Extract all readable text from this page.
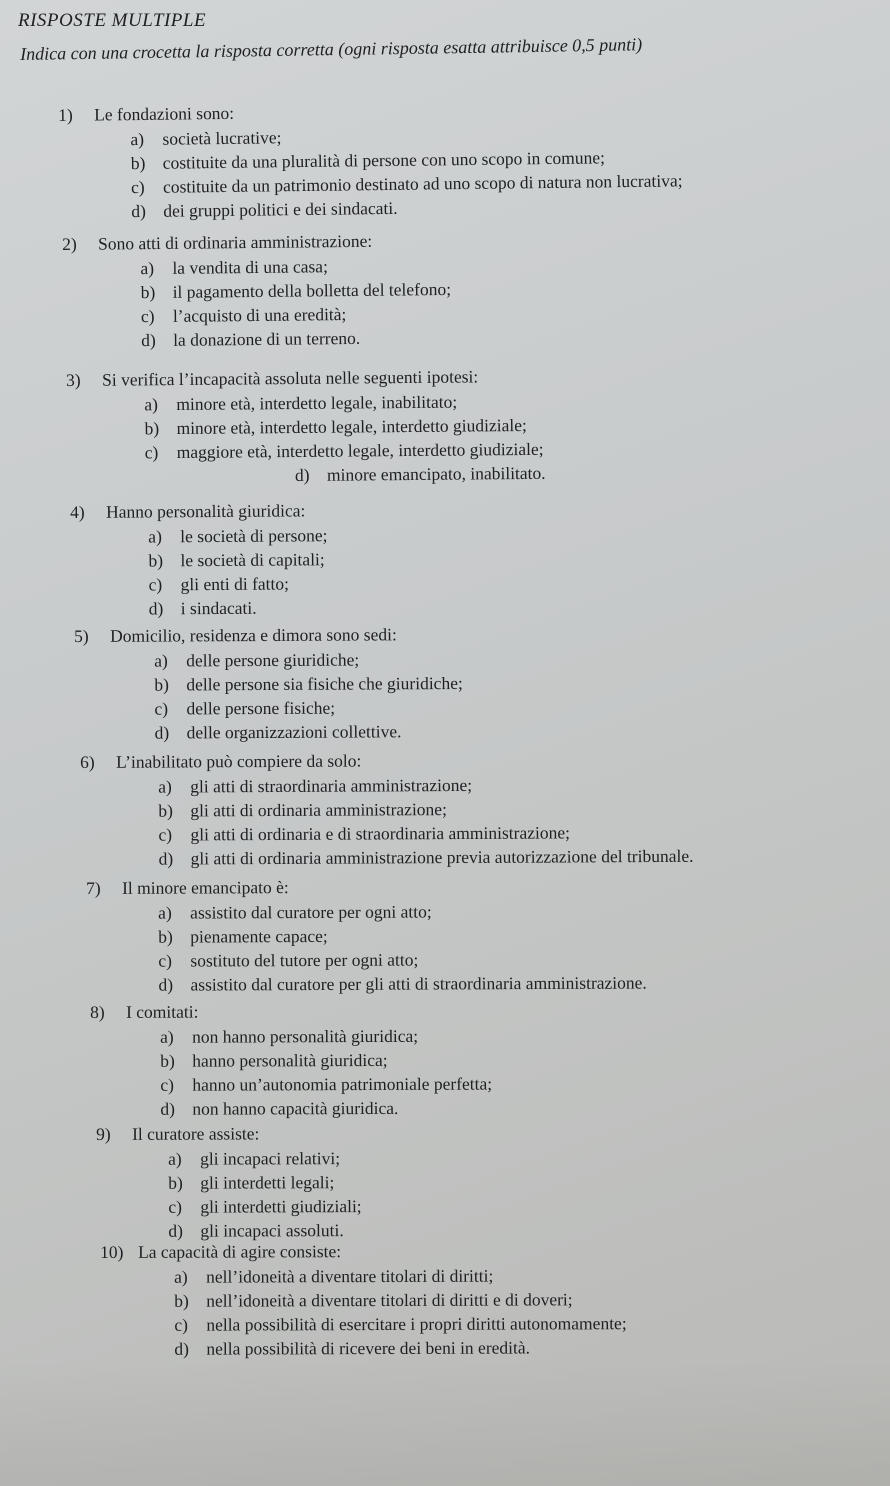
RISPOSTE MULTIPLE
Indica con una crocetta la risposta corretta (ogni risposta esatta attribuisce 0,5 punti)
1)	Le fondazioni sono:
a) società lucrative;
b) costituite da una pluralità di persone con uno scopo in comune;
c) costituite da un patrimonio destinato ad uno scopo di natura non lucrativa;
d) dei gruppi politici e dei sindacati.
2)	Sono atti di ordinaria amministrazione:
a) la vendita di una casa;
b) il pagamento della bolletta del telefono;
c) l’acquisto di una eredità;
d) la donazione di un terreno.
3)	Si verifica l’incapacità assoluta nelle seguenti ipotesi:
a) minore età, interdetto legale, inabilitato;
b) minore età, interdetto legale, interdetto giudiziale;
c) maggiore età, interdetto legale, interdetto giudiziale;
d) minore emancipato, inabilitato.
4)	Hanno personalità giuridica:
a) le società di persone;
b) le società di capitali;
c) gli enti di fatto;
d) i sindacati.
5)	Domicilio, residenza e dimora sono sedi:
a) delle persone giuridiche;
b) delle persone sia fisiche che giuridiche;
c) delle persone fisiche;
d) delle organizzazioni collettive.
6)	L’inabilitato può compiere da solo:
a) gli atti di straordinaria amministrazione;
b) gli atti di ordinaria amministrazione;
c) gli atti di ordinaria e di straordinaria amministrazione;
d) gli atti di ordinaria amministrazione previa autorizzazione del tribunale.
7)	Il minore emancipato è:
a) assistito dal curatore per ogni atto;
b) pienamente capace;
c) sostituto del tutore per ogni atto;
d) assistito dal curatore per gli atti di straordinaria amministrazione.
8)	I comitati:
a) non hanno personalità giuridica;
b) hanno personalità giuridica;
c) hanno un’autonomia patrimoniale perfetta;
d) non hanno capacità giuridica.
9)	Il curatore assiste:
a) gli incapaci relativi;
b) gli interdetti legali;
c) gli interdetti giudiziali;
d) gli incapaci assoluti.
10) La capacità di agire consiste:
a) nell’idoneità a diventare titolari di diritti;
b) nell’idoneità a diventare titolari di diritti e di doveri;
c) nella possibilità di esercitare i propri diritti autonomamente;
d) nella possibilità di ricevere dei beni in eredità.
